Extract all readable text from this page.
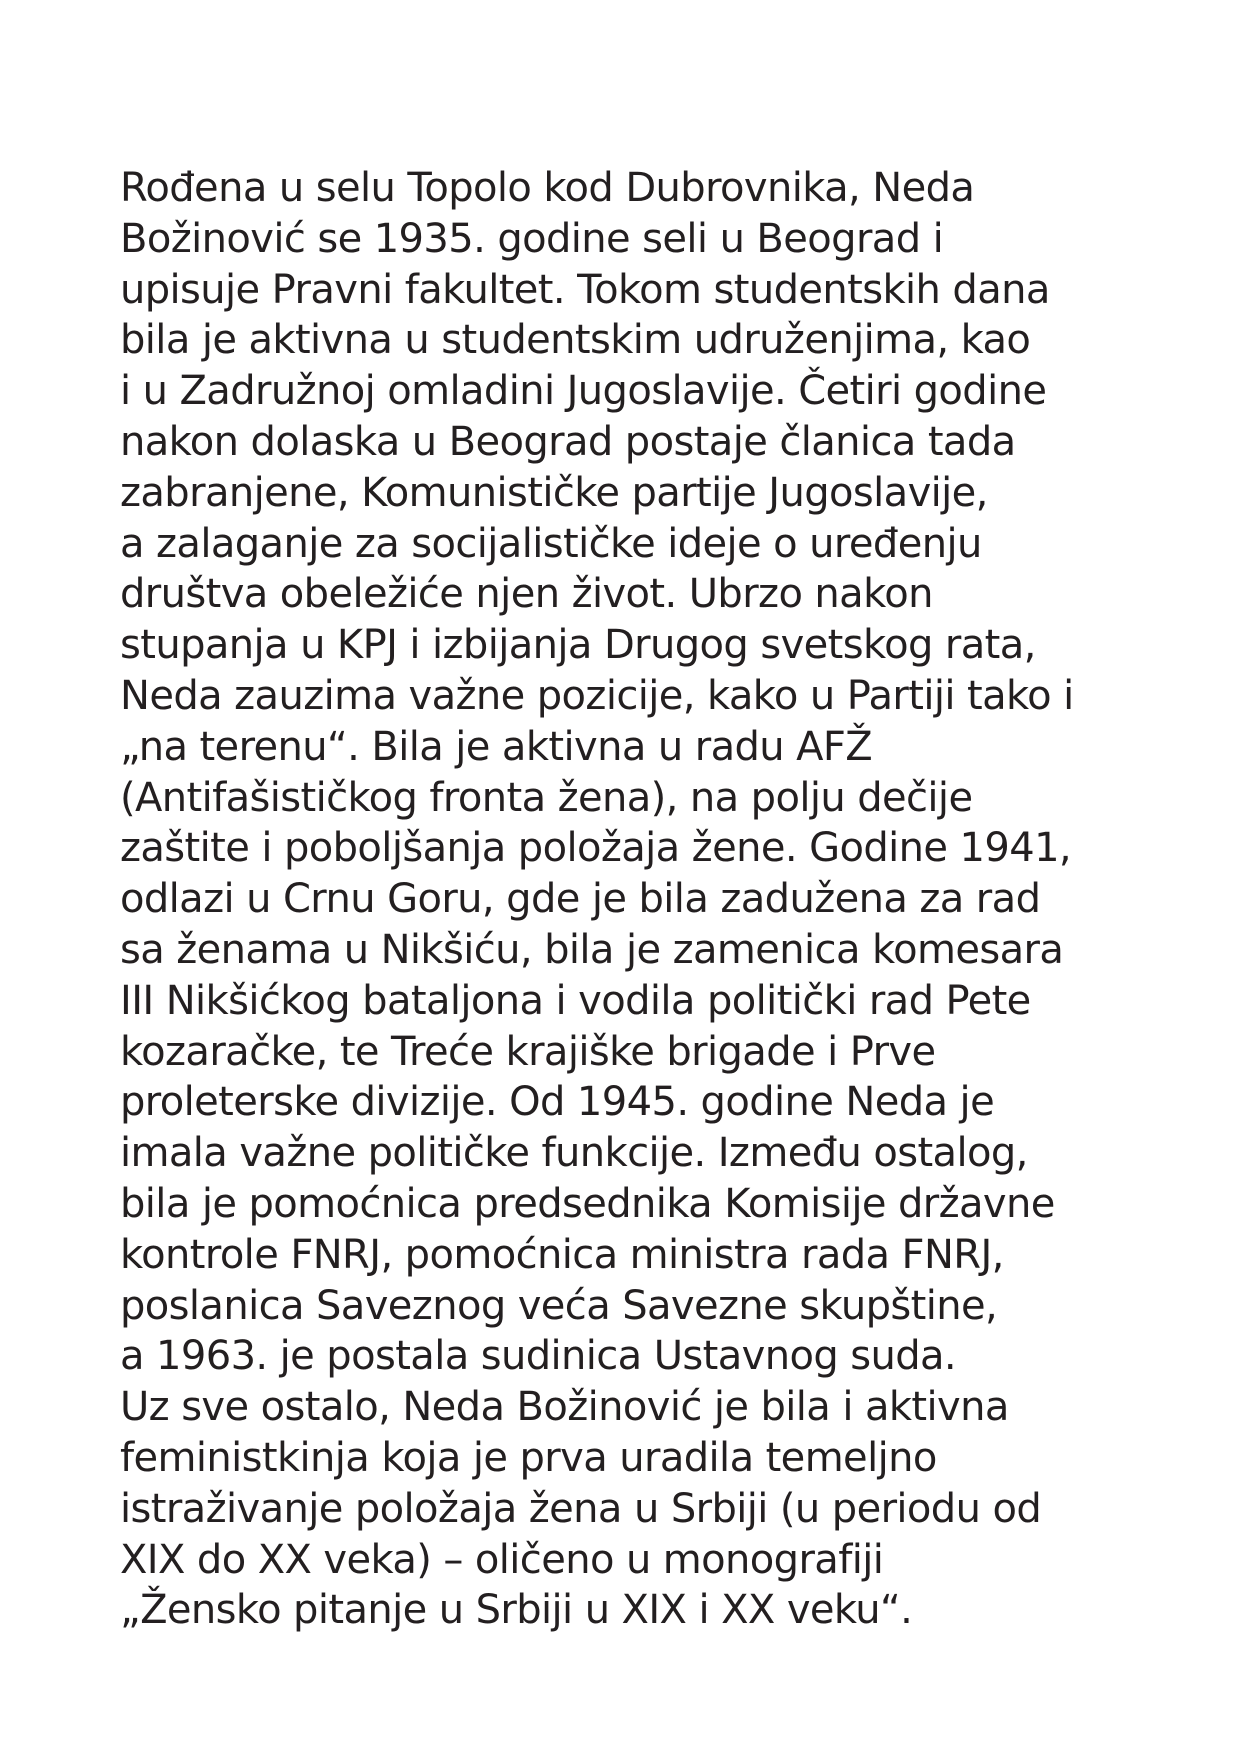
Rođena u selu Topolo kod Dubrovnika, Neda
Božinović se 1935. godine seli u Beograd i
upisuje Pravni fakultet. Tokom studentskih dana
bila je aktivna u studentskim udruženjima, kao
i u Zadružnoj omladini Jugoslavije. Četiri godine
nakon dolaska u Beograd postaje članica tada
zabranjene, Komunističke partije Jugoslavije,
a zalaganje za socijalističke ideje o uređenju
društva obeležiće njen život. Ubrzo nakon
stupanja u KPJ i izbijanja Drugog svetskog rata,
Neda zauzima važne pozicije, kako u Partiji tako i
„na terenu“. Bila je aktivna u radu AFŽ
(Antifašističkog fronta žena), na polju dečije
zaštite i poboljšanja položaja žene. Godine 1941,
odlazi u Crnu Goru, gde je bila zadužena za rad
sa ženama u Nikšiću, bila je zamenica komesara
III Nikšićkog bataljona i vodila politički rad Pete
kozaračke, te Treće krajiške brigade i Prve
proleterske divizije. Od 1945. godine Neda je
imala važne političke funkcije. Između ostalog,
bila je pomoćnica predsednika Komisije državne
kontrole FNRJ, pomoćnica ministra rada FNRJ,
poslanica Saveznog veća Savezne skupštine,
a 1963. je postala sudinica Ustavnog suda.
Uz sve ostalo, Neda Božinović je bila i aktivna
feministkinja koja je prva uradila temeljno
istraživanje položaja žena u Srbiji (u periodu od
XIX do XX veka) – oličeno u monografiji
„Žensko pitanje u Srbiji u XIX i XX veku“.
